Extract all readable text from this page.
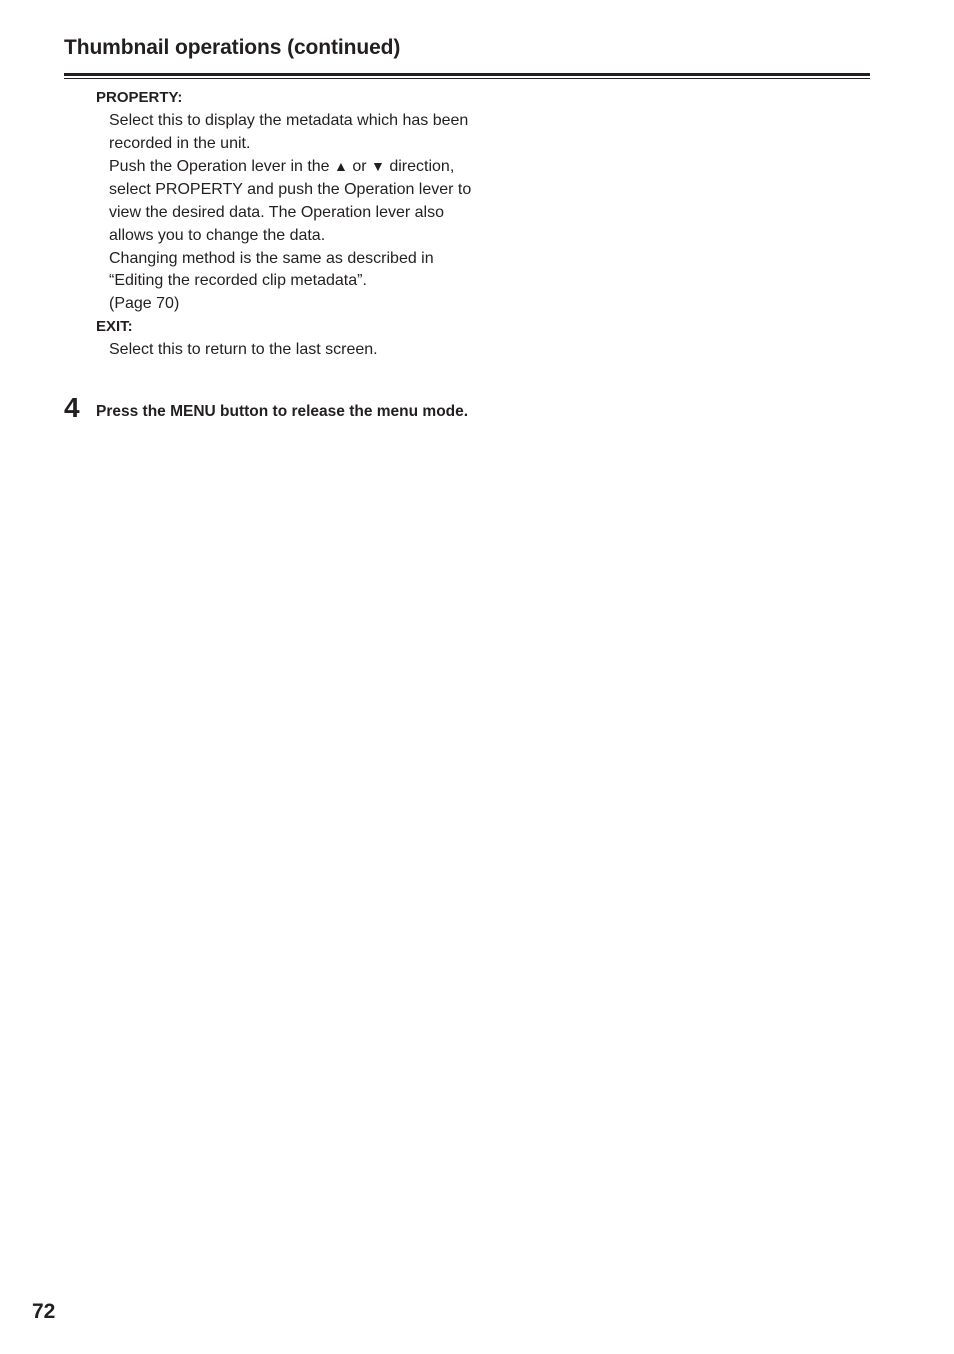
Thumbnail operations (continued)
PROPERTY:

Select this to display the metadata which has been recorded in the unit.

Push the Operation lever in the ▲ or ▼ direction, select PROPERTY and push the Operation lever to view the desired data. The Operation lever also allows you to change the data.

Changing method is the same as described in “Editing the recorded clip metadata”.

(Page 70)

EXIT:

Select this to return to the last screen.

4 Press the MENU button to release the menu mode.
72
